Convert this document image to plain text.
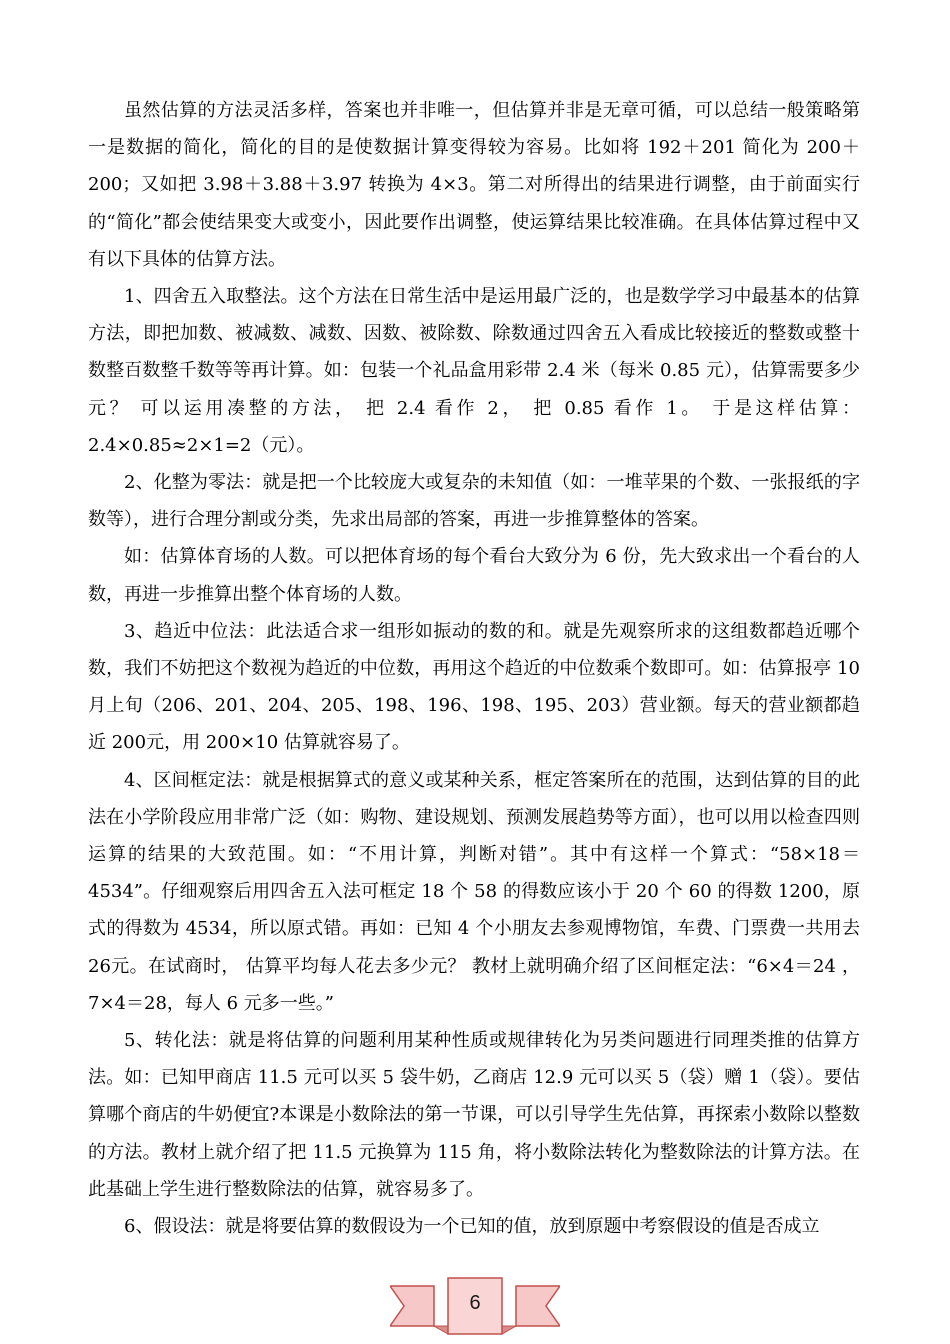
虽然估算的方法灵活多样，答案也并非唯一，但估算并非是无章可循，可以总结一般策略第一是数据的简化，简化的目的是使数据计算变得较为容易。比如将 192＋201 简化为 200＋200；又如把 3.98＋3.88＋3.97 转换为 4×3。第二对所得出的结果进行调整，由于前面实行的“简化”都会使结果变大或变小，因此要作出调整，使运算结果比较准确。在具体估算过程中又有以下具体的估算方法。

1、四舍五入取整法。这个方法在日常生活中是运用最广泛的，也是数学学习中最基本的估算方法，即把加数、被减数、减数、因数、被除数、除数通过四舍五入看成比较接近的整数或整十数整百数整千数等等再计算。如：包装一个礼品盒用彩带 2.4 米（每米 0.85 元），估算需要多少元？ 可以运用凑整的方法， 把 2.4 看作 2， 把 0.85 看作 1。 于是这样估算：2.4×0.85≈2×1=2（元）。

2、化整为零法：就是把一个比较庞大或复杂的未知值（如：一堆苹果的个数、一张报纸的字数等），进行合理分割或分类，先求出局部的答案，再进一步推算整体的答案。

如：估算体育场的人数。可以把体育场的每个看台大致分为 6 份，先大致求出一个看台的人数，再进一步推算出整个体育场的人数。

3、趋近中位法：此法适合求一组形如振动的数的和。就是先观察所求的这组数都趋近哪个数，我们不妨把这个数视为趋近的中位数，再用这个趋近的中位数乘个数即可。如：估算报亭 10 月上旬（206、201、204、205、198、196、198、195、203）营业额。每天的营业额都趋近 200元，用 200×10 估算就容易了。

4、区间框定法：就是根据算式的意义或某种关系，框定答案所在的范围，达到估算的目的此法在小学阶段应用非常广泛（如：购物、建设规划、预测发展趋势等方面），也可以用以检查四则运算的结果的大致范围。如：“不用计算，判断对错”。其中有这样一个算式：“58×18＝4534”。仔细观察后用四舍五入法可框定 18 个 58 的得数应该小于 20 个 60 的得数 1200，原式的得数为 4534，所以原式错。再如：已知 4 个小朋友去参观博物馆，车费、门票费一共用去 26元。在试商时， 估算平均每人花去多少元？ 教材上就明确介绍了区间框定法：“6×4＝24 ，7×4＝28，每人 6 元多一些。”

5、转化法：就是将估算的问题利用某种性质或规律转化为另类问题进行同理类推的估算方法。如：已知甲商店 11.5 元可以买 5 袋牛奶，乙商店 12.9 元可以买 5（袋）赠 1（袋）。要估算哪个商店的牛奶便宜?本课是小数除法的第一节课，可以引导学生先估算，再探索小数除以整数的方法。教材上就介绍了把 11.5 元换算为 115 角，将小数除法转化为整数除法的计算方法。在此基础上学生进行整数除法的估算，就容易多了。

6、假设法：就是将要估算的数假设为一个已知的值，放到原题中考察假设的值是否成立

6
